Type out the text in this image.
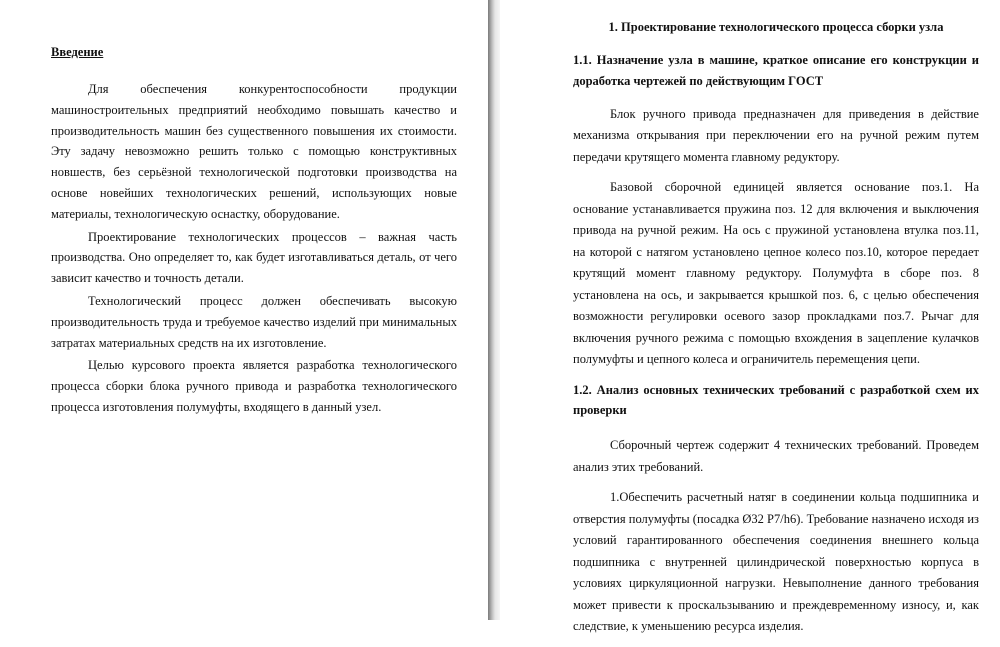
Введение

Для обеспечения конкурентоспособности продукции машиностроительных предприятий необходимо повышать качество и производительность машин без существенного повышения их стоимости. Эту задачу невозможно решить только с помощью конструктивных новшеств, без серьёзной технологической подготовки производства на основе новейших технологических решений, использующих новые материалы, технологическую оснастку, оборудование.

Проектирование технологических процессов – важная часть производства. Оно определяет то, как будет изготавливаться деталь, от чего зависит качество и точность детали.

Технологический процесс должен обеспечивать высокую производительность труда и требуемое качество изделий при минимальных затратах материальных средств на их изготовление.

Целью курсового проекта является разработка технологического процесса сборки блока ручного привода и разработка технологического процесса изготовления полумуфты, входящего в данный узел.

1. Проектирование технологического процесса сборки узла
1.1. Назначение узла в машине, краткое описание его конструкции и доработка чертежей по действующим ГОСТ

Блок ручного привода предназначен для приведения в действие механизма открывания при переключении его на ручной режим путем передачи крутящего момента главному редуктору.

Базовой сборочной единицей является основание поз.1. На основание устанавливается пружина поз. 12 для включения и выключения привода на ручной режим. На ось с пружиной установлена втулка поз.11, на которой с натягом установлено цепное колесо поз.10, которое передает крутящий момент главному редуктору. Полумуфта в сборе поз. 8 установлена на ось, и закрывается крышкой поз. 6, с целью обеспечения возможности регулировки осевого зазор прокладками поз.7. Рычаг для включения ручного режима с помощью вхождения в зацепление кулачков полумуфты и цепного колеса и ограничитель перемещения цепи.

1.2. Анализ основных технических требований с разработкой схем их проверки

Сборочный чертеж содержит 4 технических требований. Проведем анализ этих требований.

1.Обеспечить расчетный натяг в соединении кольца подшипника и отверстия полумуфты (посадка Ø32 P7/h6). Требование назначено исходя из условий гарантированного обеспечения соединения внешнего кольца подшипника с внутренней цилиндрической поверхностью корпуса в условиях циркуляционной нагрузки. Невыполнение данного требования может привести к проскальзыванию и преждевременному износу, и, как следствие, к уменьшению ресурса изделия.
